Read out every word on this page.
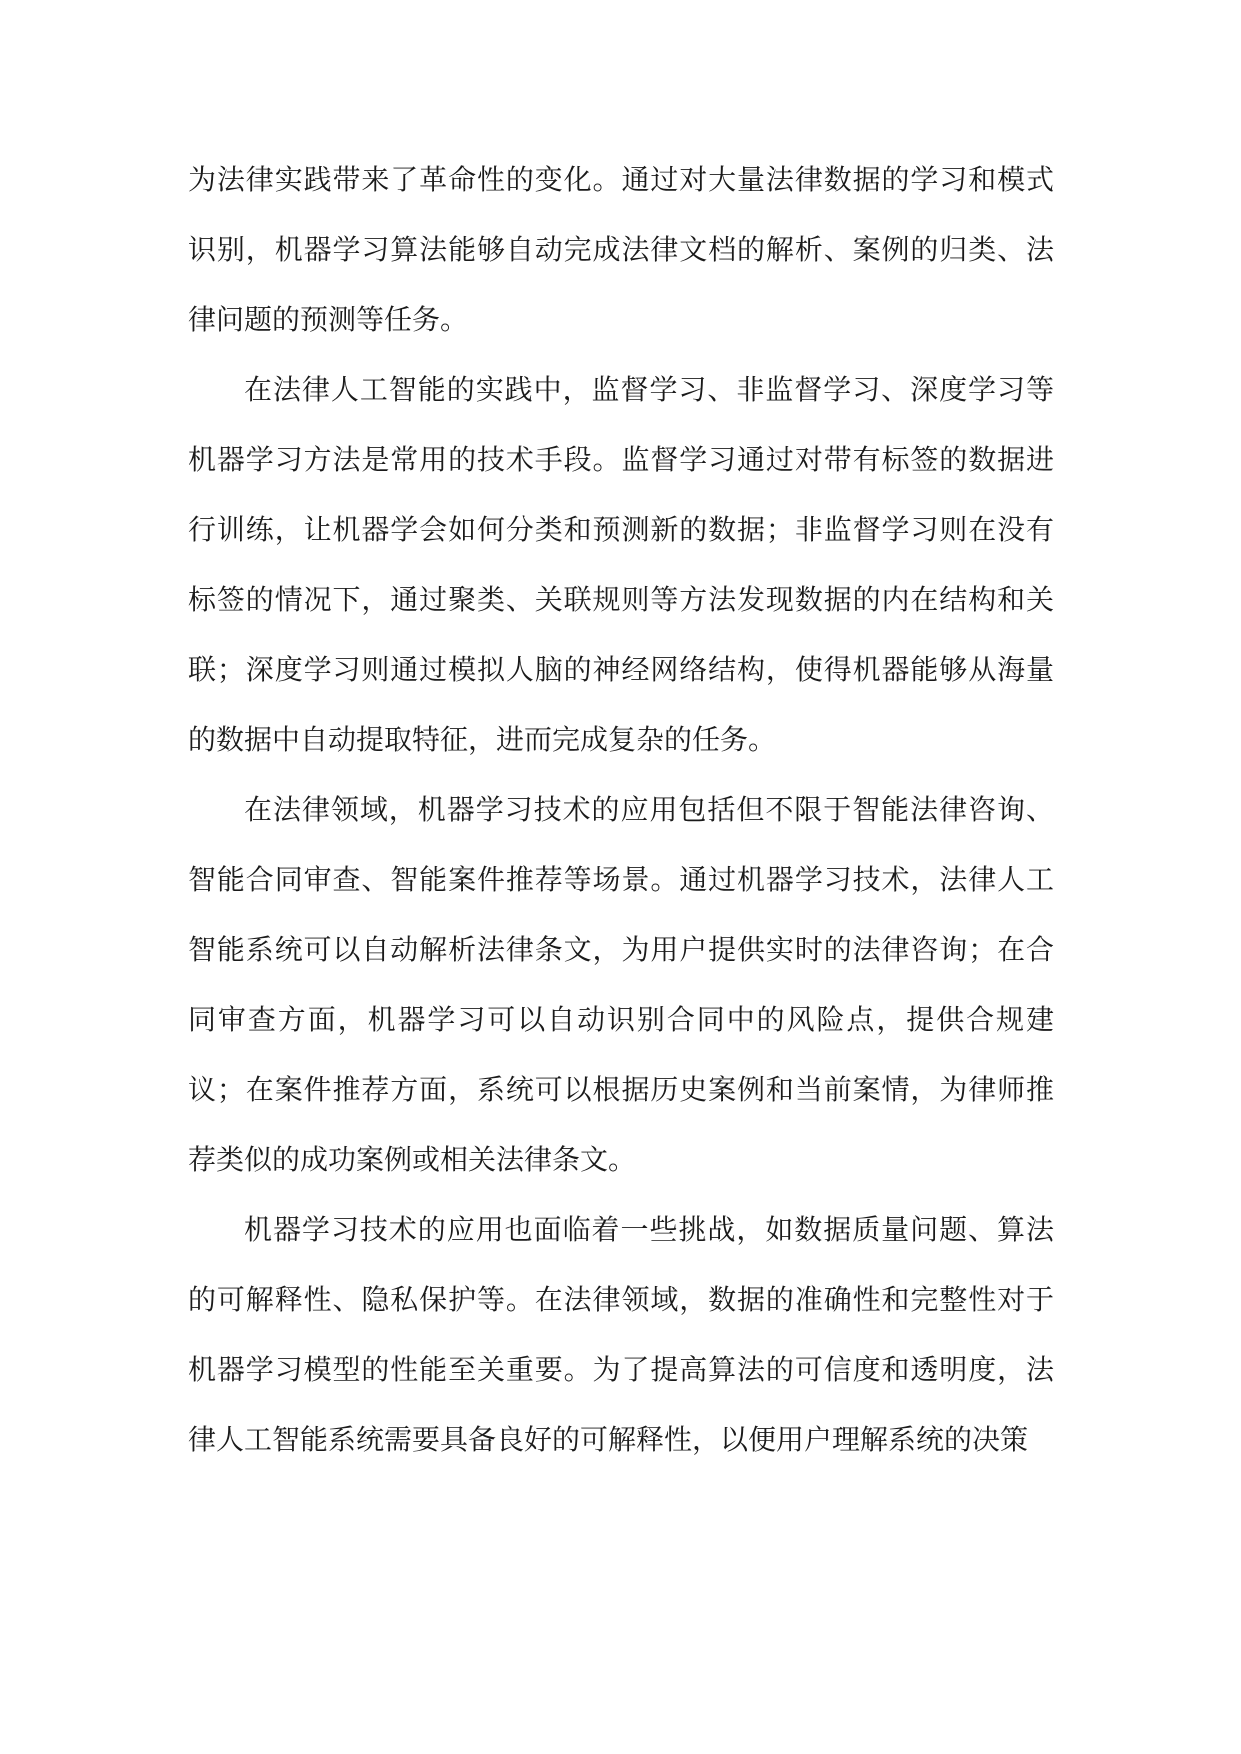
为法律实践带来了革命性的变化。通过对大量法律数据的学习和模式识别，机器学习算法能够自动完成法律文档的解析、案例的归类、法律问题的预测等任务。

在法律人工智能的实践中，监督学习、非监督学习、深度学习等机器学习方法是常用的技术手段。监督学习通过对带有标签的数据进行训练，让机器学会如何分类和预测新的数据；非监督学习则在没有标签的情况下，通过聚类、关联规则等方法发现数据的内在结构和关联；深度学习则通过模拟人脑的神经网络结构，使得机器能够从海量的数据中自动提取特征，进而完成复杂的任务。

在法律领域，机器学习技术的应用包括但不限于智能法律咨询、智能合同审查、智能案件推荐等场景。通过机器学习技术，法律人工智能系统可以自动解析法律条文，为用户提供实时的法律咨询；在合同审查方面，机器学习可以自动识别合同中的风险点，提供合规建议；在案件推荐方面，系统可以根据历史案例和当前案情，为律师推荐类似的成功案例或相关法律条文。

机器学习技术的应用也面临着一些挑战，如数据质量问题、算法的可解释性、隐私保护等。在法律领域，数据的准确性和完整性对于机器学习模型的性能至关重要。为了提高算法的可信度和透明度，法律人工智能系统需要具备良好的可解释性，以便用户理解系统的决策
